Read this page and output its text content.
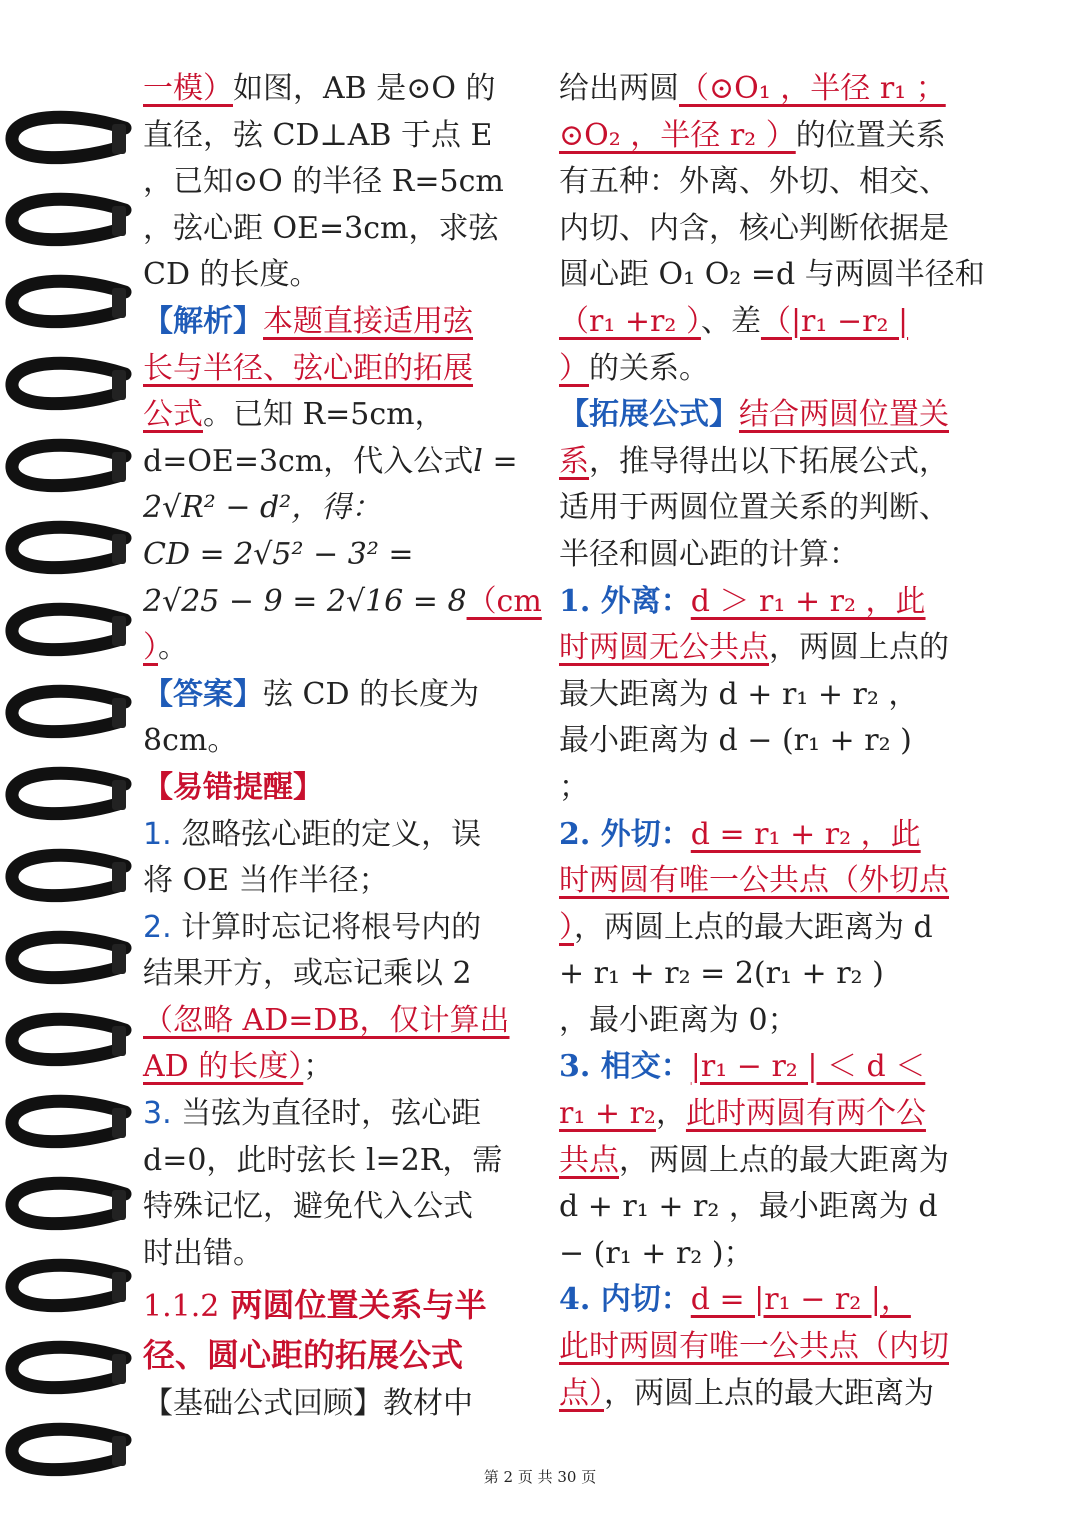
一模）如图，AB 是⊙O 的
直径，弦 CD⊥AB 于点 E
，已知⊙O 的半径 R=5cm
，弦心距 OE=3cm，求弦
CD 的长度。
【解析】本题直接适用弦
长与半径、弦心距的拓展
公式。已知 R=5cm，
d=OE=3cm，代入公式𝑙 =
2√R² − d²，得：
CD = 2√5² − 3² =
2√25 − 9 = 2√16 = 8（cm
）。
【答案】弦 CD 的长度为
8cm。
【易错提醒】
1. 忽略弦心距的定义，误
将 OE 当作半径；
2. 计算时忘记将根号内的
结果开方，或忘记乘以 2
（忽略 AD=DB，仅计算出
AD 的长度）；
3. 当弦为直径时，弦心距
d=0，此时弦长 l=2R，需
特殊记忆，避免代入公式
时出错。
1.1.2 两圆位置关系与半
径、圆心距的拓展公式
【基础公式回顾】教材中
给出两圆（⊙O₁ ，半径 r₁ ；
⊙O₂ ，半径 r₂ ）的位置关系
有五种：外离、外切、相交、
内切、内含，核心判断依据是
圆心距 O₁ O₂ =d 与两圆半径和
（r₁ +r₂ ）、差（|r₁ −r₂ |
）的关系。
【拓展公式】结合两圆位置关
系，推导得出以下拓展公式，
适用于两圆位置关系的判断、
半径和圆心距的计算：
1. 外离：d ＞ r₁ + r₂ ，此
时两圆无公共点，两圆上点的
最大距离为 d + r₁ + r₂ ，
最小距离为 d − (r₁ + r₂ )
；
2. 外切：d = r₁ + r₂ ，此
时两圆有唯一公共点（外切点
），两圆上点的最大距离为 d
+ r₁ + r₂ = 2(r₁ + r₂ )
，最小距离为 0；
3. 相交：|r₁ − r₂ | ＜ d ＜
r₁ + r₂，此时两圆有两个公
共点，两圆上点的最大距离为
d + r₁ + r₂ ，最小距离为 d
− (r₁ + r₂ )；
4. 内切：d = |r₁ − r₂ |，
此时两圆有唯一公共点（内切
点），两圆上点的最大距离为
第 2 页 共 30 页
